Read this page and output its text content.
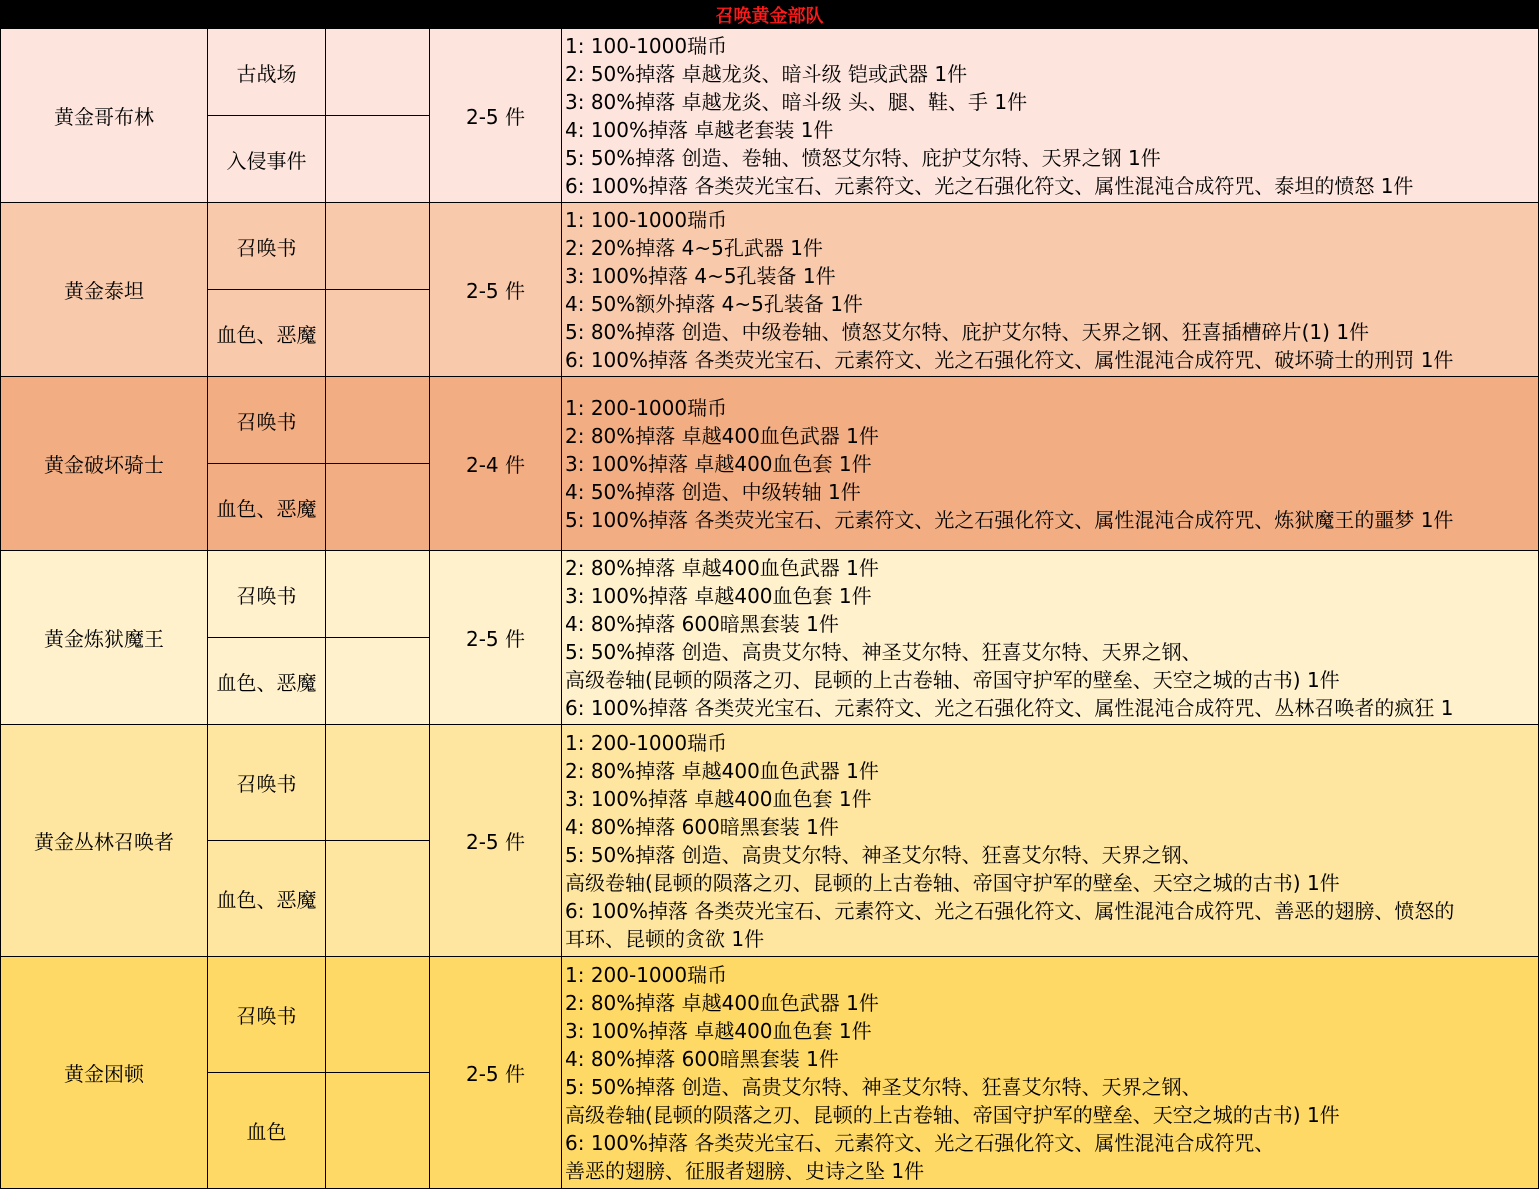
召唤黄金部队
黄金哥布林
古战场
入侵事件
2-5 件
1: 100-1000瑞币
2: 50%掉落 卓越龙炎、暗斗级 铠或武器 1件
3: 80%掉落 卓越龙炎、暗斗级 头、腿、鞋、手 1件
4: 100%掉落 卓越老套装 1件
5: 50%掉落 创造、卷轴、愤怒艾尔特、庇护艾尔特、天界之钢 1件
6: 100%掉落 各类荧光宝石、元素符文、光之石强化符文、属性混沌合成符咒、泰坦的愤怒 1件
黄金泰坦
召唤书
血色、恶魔
2-5 件
1: 100-1000瑞币
2: 20%掉落 4~5孔武器 1件
3: 100%掉落 4~5孔装备 1件
4: 50%额外掉落 4~5孔装备 1件
5: 80%掉落 创造、中级卷轴、愤怒艾尔特、庇护艾尔特、天界之钢、狂喜插槽碎片(1) 1件
6: 100%掉落 各类荧光宝石、元素符文、光之石强化符文、属性混沌合成符咒、破坏骑士的刑罚 1件
黄金破坏骑士
召唤书
血色、恶魔
2-4 件
1: 200-1000瑞币
2: 80%掉落 卓越400血色武器 1件
3: 100%掉落 卓越400血色套 1件
4: 50%掉落 创造、中级转轴 1件
5: 100%掉落 各类荧光宝石、元素符文、光之石强化符文、属性混沌合成符咒、炼狱魔王的噩梦 1件
黄金炼狱魔王
召唤书
血色、恶魔
2-5 件
2: 80%掉落 卓越400血色武器 1件
3: 100%掉落 卓越400血色套 1件
4: 80%掉落 600暗黑套装 1件
5: 50%掉落 创造、高贵艾尔特、神圣艾尔特、狂喜艾尔特、天界之钢、
高级卷轴(昆顿的陨落之刃、昆顿的上古卷轴、帝国守护军的壁垒、天空之城的古书) 1件
6: 100%掉落 各类荧光宝石、元素符文、光之石强化符文、属性混沌合成符咒、丛林召唤者的疯狂 1
黄金丛林召唤者
召唤书
血色、恶魔
2-5 件
1: 200-1000瑞币
2: 80%掉落 卓越400血色武器 1件
3: 100%掉落 卓越400血色套 1件
4: 80%掉落 600暗黑套装 1件
5: 50%掉落 创造、高贵艾尔特、神圣艾尔特、狂喜艾尔特、天界之钢、
高级卷轴(昆顿的陨落之刃、昆顿的上古卷轴、帝国守护军的壁垒、天空之城的古书) 1件
6: 100%掉落 各类荧光宝石、元素符文、光之石强化符文、属性混沌合成符咒、善恶的翅膀、愤怒的
耳环、昆顿的贪欲 1件
黄金困顿
召唤书
血色
2-5 件
1: 200-1000瑞币
2: 80%掉落 卓越400血色武器 1件
3: 100%掉落 卓越400血色套 1件
4: 80%掉落 600暗黑套装 1件
5: 50%掉落 创造、高贵艾尔特、神圣艾尔特、狂喜艾尔特、天界之钢、
高级卷轴(昆顿的陨落之刃、昆顿的上古卷轴、帝国守护军的壁垒、天空之城的古书) 1件
6: 100%掉落 各类荧光宝石、元素符文、光之石强化符文、属性混沌合成符咒、
善恶的翅膀、征服者翅膀、史诗之坠 1件
